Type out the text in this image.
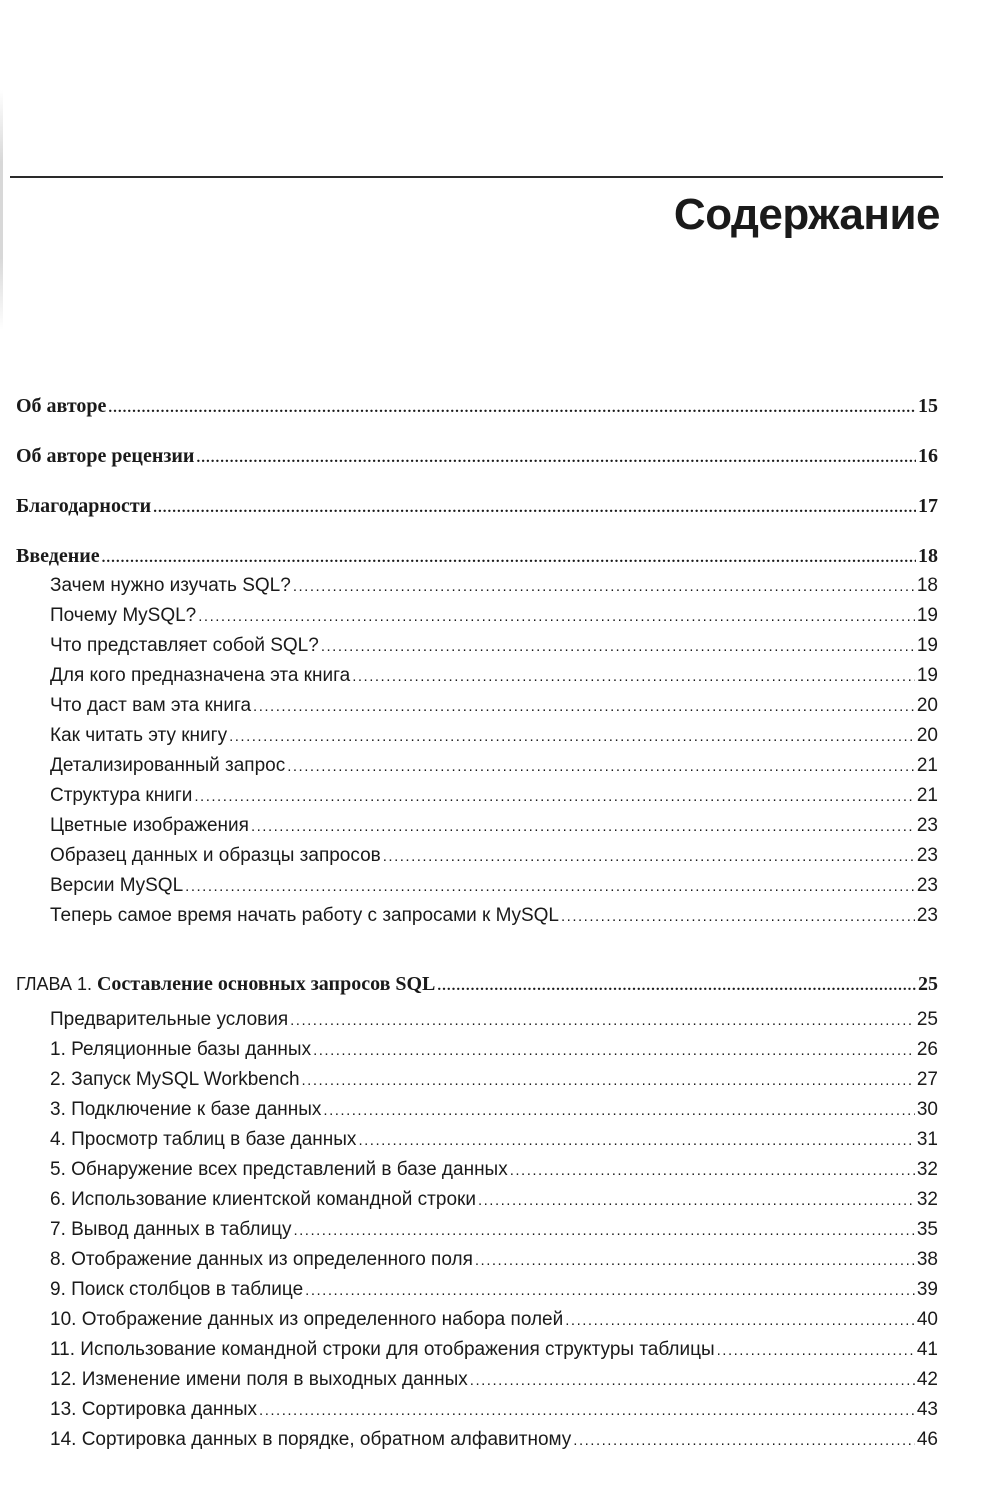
Содержание
Об авторе .....	15
Об авторе рецензии .....	16
Благодарности .....	17
Введение .....	18
Зачем нужно изучать SQL? .....	18
Почему MySQL? .....	19
Что представляет собой SQL? .....	19
Для кого предназначена эта книга .....	19
Что даст вам эта книга .....	20
Как читать эту книгу .....	20
Детализированный запрос .....	21
Структура книги .....	21
Цветные изображения .....	23
Образец данных и образцы запросов .....	23
Версии MySQL .....	23
Теперь самое время начать работу с запросами к MySQL .....	23
ГЛАВА 1. Составление основных запросов SQL .....	25
Предварительные условия .....	25
1. Реляционные базы данных .....	26
2. Запуск MySQL Workbench .....	27
3. Подключение к базе данных .....	30
4. Просмотр таблиц в базе данных .....	31
5. Обнаружение всех представлений в базе данных .....	32
6. Использование клиентской командной строки .....	32
7. Вывод данных в таблицу .....	35
8. Отображение данных из определенного поля .....	38
9. Поиск столбцов в таблице .....	39
10. Отображение данных из определенного набора полей .....	40
11. Использование командной строки для отображения структуры таблицы .....	41
12. Изменение имени поля в выходных данных .....	42
13. Сортировка данных .....	43
14. Сортировка данных в порядке, обратном алфавитному .....	46
